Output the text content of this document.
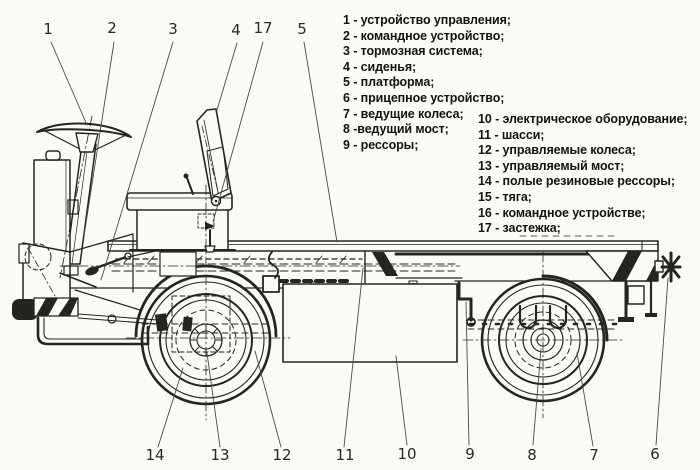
1 - устройство управления;
2 - командное устройство;
3 - тормозная система;
4 - сиденья;
5 - платформа;
6 - прицепное устройство;
7 - ведущие колеса;
8 -ведущий мост;
9 - рессоры;
10 - электрическое оборудование;
11 - шасси;
12 - управляемые колеса;
13 - управляемый мост;
14 - полые резиновые рессоры;
15 - тяга;
16 - командное устройстве;
17 - застежка;
1	2	3	4 17 5
14	13	12	11	10	9	8	7	6
